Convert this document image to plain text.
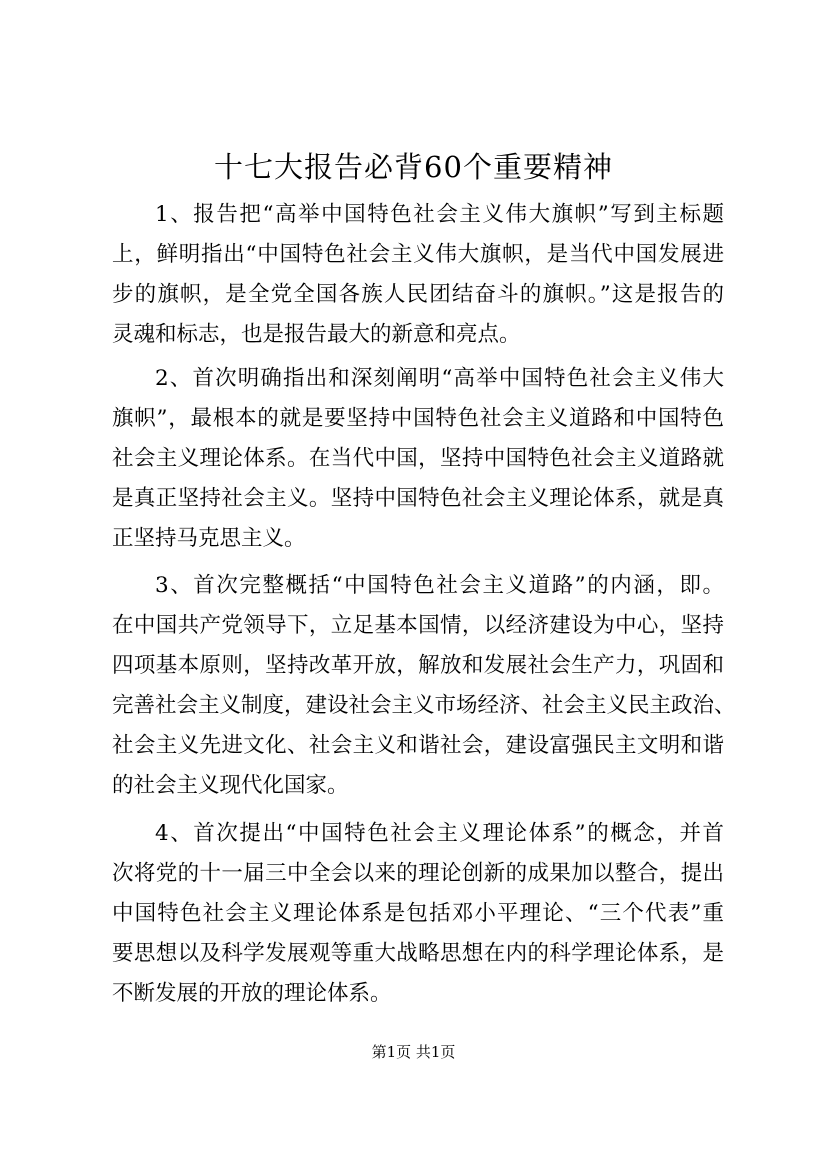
十七大报告必背60个重要精神
1、报告把“高举中国特色社会主义伟大旗帜”写到主标题
上，鲜明指出“中国特色社会主义伟大旗帜，是当代中国发展进
步的旗帜，是全党全国各族人民团结奋斗的旗帜。”这是报告的
灵魂和标志，也是报告最大的新意和亮点。
2、首次明确指出和深刻阐明“高举中国特色社会主义伟大
旗帜”，最根本的就是要坚持中国特色社会主义道路和中国特色
社会主义理论体系。在当代中国，坚持中国特色社会主义道路就
是真正坚持社会主义。坚持中国特色社会主义理论体系，就是真
正坚持马克思主义。
3、首次完整概括“中国特色社会主义道路”的内涵，即。
在中国共产党领导下，立足基本国情，以经济建设为中心，坚持
四项基本原则，坚持改革开放，解放和发展社会生产力，巩固和
完善社会主义制度，建设社会主义市场经济、社会主义民主政治、
社会主义先进文化、社会主义和谐社会，建设富强民主文明和谐
的社会主义现代化国家。
4、首次提出“中国特色社会主义理论体系”的概念，并首
次将党的十一届三中全会以来的理论创新的成果加以整合，提出
中国特色社会主义理论体系是包括邓小平理论、“三个代表”重
要思想以及科学发展观等重大战略思想在内的科学理论体系，是
不断发展的开放的理论体系。
第1页 共1页
